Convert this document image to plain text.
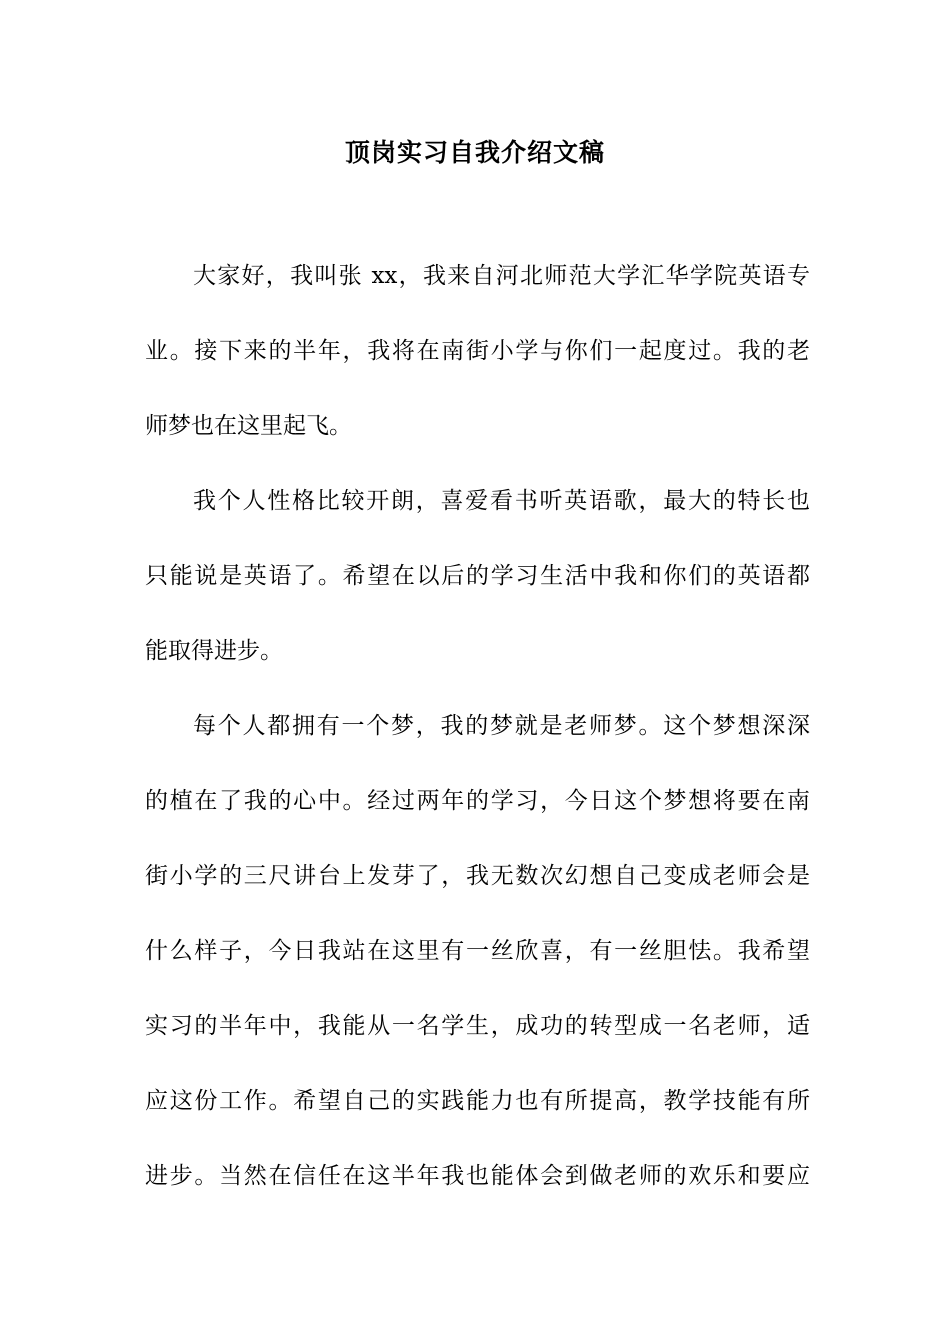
顶岗实习自我介绍文稿

大家好，我叫张 xx，我来自河北师范大学汇华学院英语专

业。接下来的半年，我将在南街小学与你们一起度过。我的老

师梦也在这里起飞。

我个人性格比较开朗，喜爱看书听英语歌，最大的特长也

只能说是英语了。希望在以后的学习生活中我和你们的英语都

能取得进步。

每个人都拥有一个梦，我的梦就是老师梦。这个梦想深深

的植在了我的心中。经过两年的学习，今日这个梦想将要在南

街小学的三尺讲台上发芽了，我无数次幻想自己变成老师会是

什么样子，今日我站在这里有一丝欣喜，有一丝胆怯。我希望

实习的半年中，我能从一名学生，成功的转型成一名老师，适

应这份工作。希望自己的实践能力也有所提高，教学技能有所

进步。当然在信任在这半年我也能体会到做老师的欢乐和要应
